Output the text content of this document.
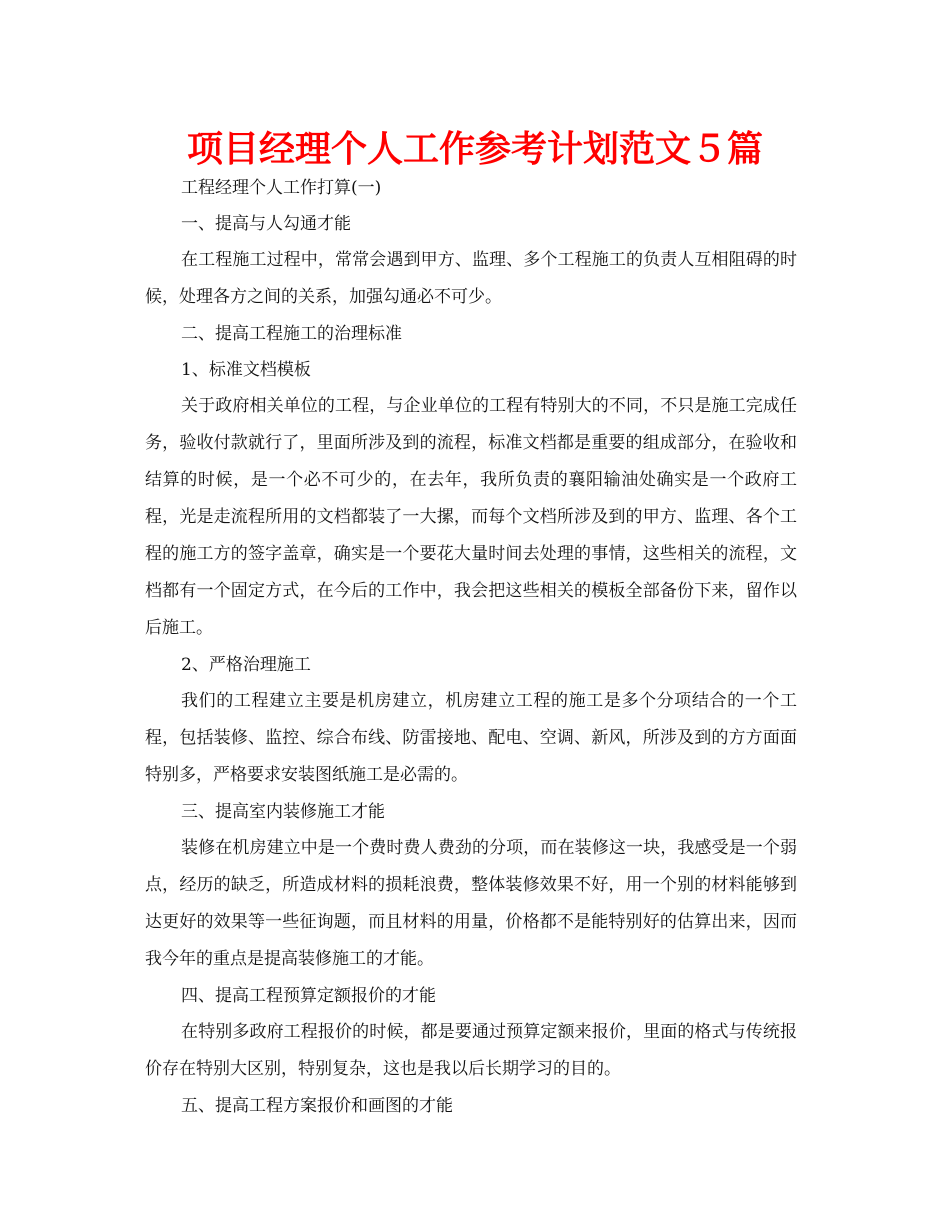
项目经理个人工作参考计划范文５篇

工程经理个人工作打算(一)

一、提高与人勾通才能

在工程施工过程中，常常会遇到甲方、监理、多个工程施工的负责人互相阻碍的时候，处理各方之间的关系，加强勾通必不可少。

二、提高工程施工的治理标准

1、标准文档模板

关于政府相关单位的工程，与企业单位的工程有特别大的不同，不只是施工完成任务，验收付款就行了，里面所涉及到的流程，标准文档都是重要的组成部分，在验收和结算的时候，是一个必不可少的，在去年，我所负责的襄阳输油处确实是一个政府工程，光是走流程所用的文档都装了一大摞，而每个文档所涉及到的甲方、监理、各个工程的施工方的签字盖章，确实是一个要花大量时间去处理的事情，这些相关的流程，文档都有一个固定方式，在今后的工作中，我会把这些相关的模板全部备份下来，留作以后施工。

2、严格治理施工

我们的工程建立主要是机房建立，机房建立工程的施工是多个分项结合的一个工程，包括装修、监控、综合布线、防雷接地、配电、空调、新风，所涉及到的方方面面特别多，严格要求安装图纸施工是必需的。

三、提高室内装修施工才能

装修在机房建立中是一个费时费人费劲的分项，而在装修这一块，我感受是一个弱点，经历的缺乏，所造成材料的损耗浪费，整体装修效果不好，用一个别的材料能够到达更好的效果等一些征询题，而且材料的用量，价格都不是能特别好的估算出来，因而我今年的重点是提高装修施工的才能。

四、提高工程预算定额报价的才能

在特别多政府工程报价的时候，都是要通过预算定额来报价，里面的格式与传统报价存在特别大区别，特别复杂，这也是我以后长期学习的目的。

五、提高工程方案报价和画图的才能
